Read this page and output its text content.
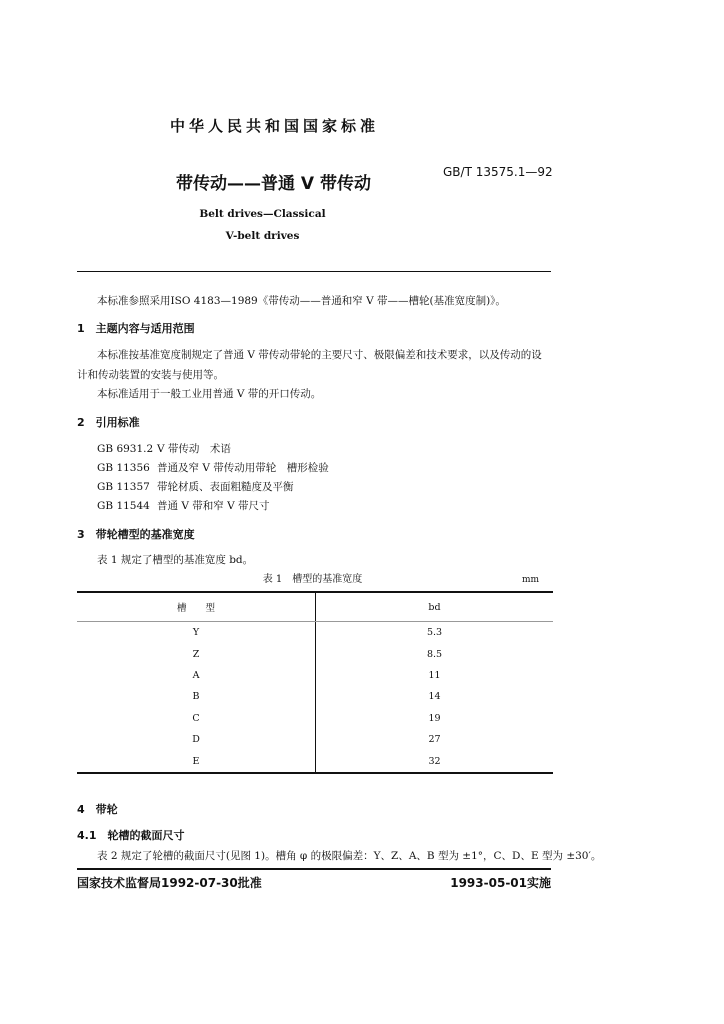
中华人民共和国国家标准
GB/T 13575.1—92
带传动——普通 V 带传动
Belt drives—Classical
V-belt drives
本标准参照采用ISO 4183—1989《带传动——普通和窄 V 带——槽轮(基准宽度制)》。
1　主题内容与适用范围
本标准按基准宽度制规定了普通 V 带传动带轮的主要尺寸、极限偏差和技术要求，以及传动的设
计和传动装置的安装与使用等。
本标准适用于一般工业用普通 V 带的开口传动。
2　引用标准
GB 6931.2 V 带传动　术语
GB 11356 普通及窄 V 带传动用带轮　槽形检验
GB 11357 带轮材质、表面粗糙度及平衡
GB 11544 普通 V 带和窄 V 带尺寸
3　带轮槽型的基准宽度
表 1 规定了槽型的基准宽度 bd。
表 1　槽型的基准宽度	mm
槽　　型	bd
Y	5.3
Z	8.5
A	11
B	14
C	19
D	27
E	32
4　带轮
4.1　轮槽的截面尺寸
表 2 规定了轮槽的截面尺寸(见图 1)。槽角 φ 的极限偏差：Y、Z、A、B 型为 ±1°，C、D、E 型为 ±30′。
国家技术监督局1992-07-30批准	1993-05-01实施
